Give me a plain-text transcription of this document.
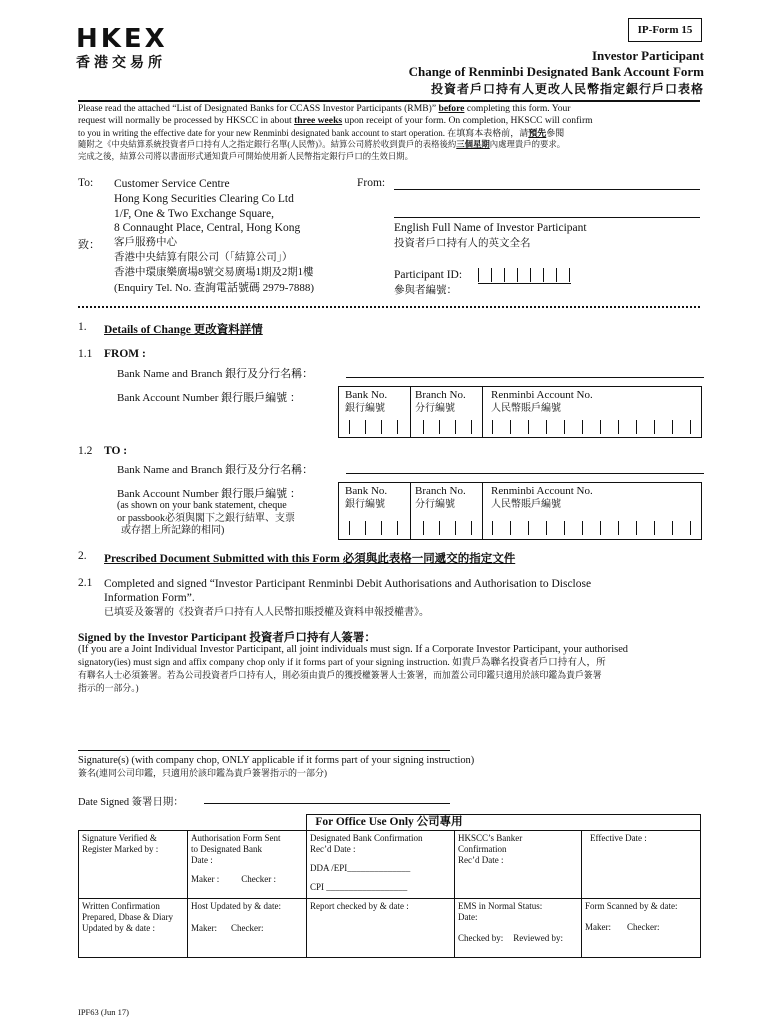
HKEX
香港交易所
IP-Form 15
Investor Participant
Change of Renminbi Designated Bank Account Form
投資者戶口持有人更改人民幣指定銀行戶口表格
Please read the attached “List of Designated Banks for CCASS Investor Participants (RMB)” before completing this form. Your
request will normally be processed by HKSCC in about three weeks upon receipt of your form. On completion, HKSCC will confirm
to you in writing the effective date for your new Renminbi designated bank account to start operation. 在填寫本表格前，請預先參閱
隨附之《中央結算系統投資者戶口持有人之指定銀行名單(人民幣)》。結算公司將於收到貴戶的表格後約三個星期內處理貴戶的要求。
完成之後，結算公司將以書面形式通知貴戶可開始使用新人民幣指定銀行戶口的生效日期。
To: Customer Service Centre
Hong Kong Securities Clearing Co Ltd
1/F, One & Two Exchange Square,
8 Connaught Place, Central, Hong Kong
客戶服務中心
香港中央結算有限公司（「結算公司」）
香港中環康樂廣場8號交易廣場1期及2期1樓
(Enquiry Tel. No. 查詢電話號碼 2979-7888)
致：
From:
English Full Name of Investor Participant
投資者戶口持有人的英文全名
Participant ID:
參與者編號：
1. Details of Change 更改資料詳情
1.1 FROM :
Bank Name and Branch 銀行及分行名稱：
Bank Account Number 銀行賬戶編號 ：	Bank No.
銀行編號
Branch No.
分行編號
Renminbi Account No.
人民幣賬戶編號
1.2 TO :
Bank Name and Branch 銀行及分行名稱：
Bank Account Number 銀行賬戶編號 ：
(as shown on your bank statement, cheque
or passbook必須與閣下之銀行結單、支票
或存摺上所記錄的相同)
Bank No.
銀行編號
Branch No.
分行編號
Renminbi Account No.
人民幣賬戶編號
2. Prescribed Document Submitted with this Form 必須與此表格一同遞交的指定文件
2.1 Completed and signed “Investor Participant Renminbi Debit Authorisations and Authorisation to Disclose
Information Form”.
已填妥及簽署的《投資者戶口持有人人民幣扣賬授權及資料申報授權書》。
Signed by the Investor Participant 投資者戶口持有人簽署：
(If you are a Joint Individual Investor Participant, all joint individuals must sign. If a Corporate Investor Participant, your authorised
signatory(ies) must sign and affix company chop only if it forms part of your signing instruction. 如貴戶為聯名投資者戶口持有人，所
有聯名人士必須簽署。若為公司投資者戶口持有人，則必須由貴戶的獲授權簽署人士簽署，而加蓋公司印鑑只適用於該印鑑為貴戶簽署
指示的一部分。)
Signature(s) (with company chop, ONLY applicable if it forms part of your signing instruction)
簽名(連同公司印鑑，只適用於該印鑑為貴戶簽署指示的一部分)
Date Signed 簽署日期：
For Office Use Only 公司專用
Signature Verified &
Register Marked by :
Authorisation Form Sent
to Designated Bank
Date :
Maker : Checker :
Designated Bank Confirmation
Rec’d Date :
DDA /EPI______________
CPI __________________
HKSCC’s Banker
Confirmation
Rec’d Date :
Effective Date :
Written Confirmation
Prepared, Dbase & Diary
Updated by & date :
Host Updated by & date:
Maker: Checker:
Report checked by & date :	EMS in Normal Status:
Date:
Checked by: Reviewed by:
Form Scanned by & date:
Maker: Checker:
IPF63 (Jun 17)
